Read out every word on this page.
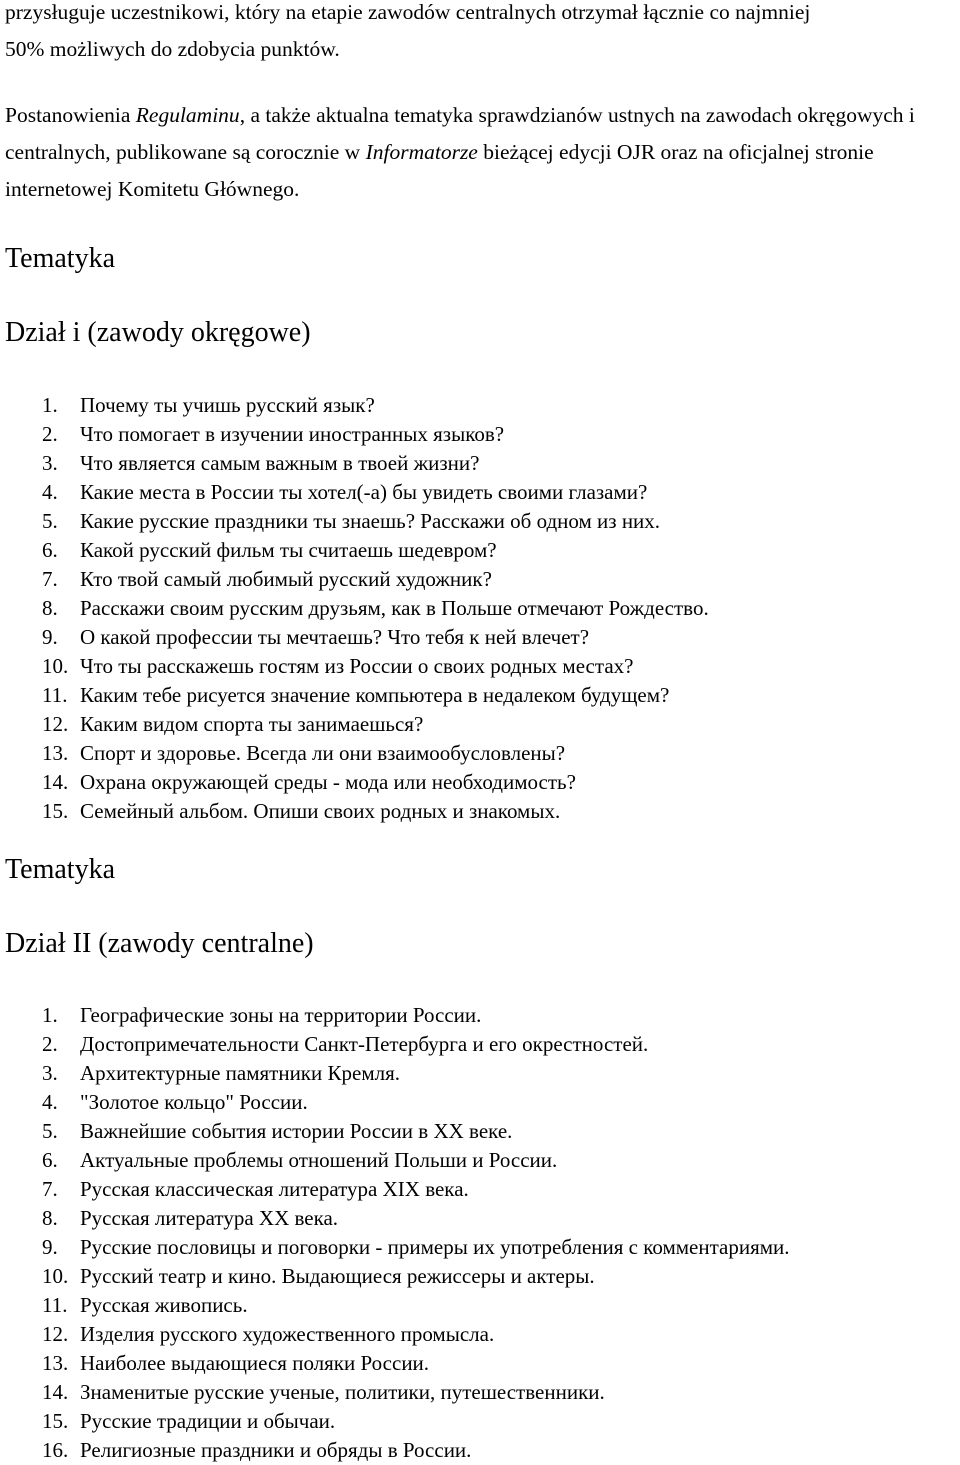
przysługuje uczestnikowi, który na etapie zawodów centralnych otrzymał łącznie co najmniej
50% możliwych do zdobycia punktów.

Postanowienia Regulaminu, a także aktualna tematyka sprawdzianów ustnych na zawodach okręgowych i centralnych, publikowane są corocznie w Informatorze bieżącej edycji OJR oraz na oficjalnej stronie internetowej Komitetu Głównego.

Tematyka
Dział i (zawody okręgowe)
1.	Почему ты учишь русский язык?
2.	Что помогает в изучении иностранных языков?
3.	Что является самым важным в твоей жизни?
4.	Какие места в России ты хотел(-а) бы увидеть своими глазами?
5.	Какие русские праздники ты знаешь? Расскажи об одном из них.
6.	Какой русский фильм ты считаешь шедевром?
7.	Кто твой самый любимый русский художник?
8.	Расскажи своим русским друзьям, как в Польше отмечают Рождество.
9.	О какой профессии ты мечтаешь? Что тебя к ней влечет?
10. Что ты расскажешь гостям из России о своих родных местах?
11. Каким тебе рисуется значение компьютера в недалеком будущем?
12. Каким видом спорта ты занимаешься?
13. Спорт и здоровье. Всегда ли они взаимообусловлены?
14. Охрана окружающей среды - мода или необходимость?
15. Семейный альбом. Опиши своих родных и знакомых.
Tematyka
Dział II (zawody centralne)
1.	Географические зоны на территории России.
2.	Достопримечательности Санкт-Петербурга и его окрестностей.
3.	Архитектурные памятники Кремля.
4.	"Золотое кольцо" России.
5.	Важнейшие события истории России в XX веке.
6.	Актуальные проблемы отношений Польши и России.
7.	Русская классическая литература XIX века.
8.	Русская литература XX века.
9.	Русские пословицы и поговорки - примеры их употребления с комментариями.
10. Русский театр и кино. Выдающиеся режиссеры и актеры.
11. Русская живопись.
12. Изделия русского художественного промысла.
13. Наиболее выдающиеся поляки России.
14. Знаменитые русские ученые, политики, путешественники.
15. Русские традиции и обычаи.
16. Религиозные праздники и обряды в России.
